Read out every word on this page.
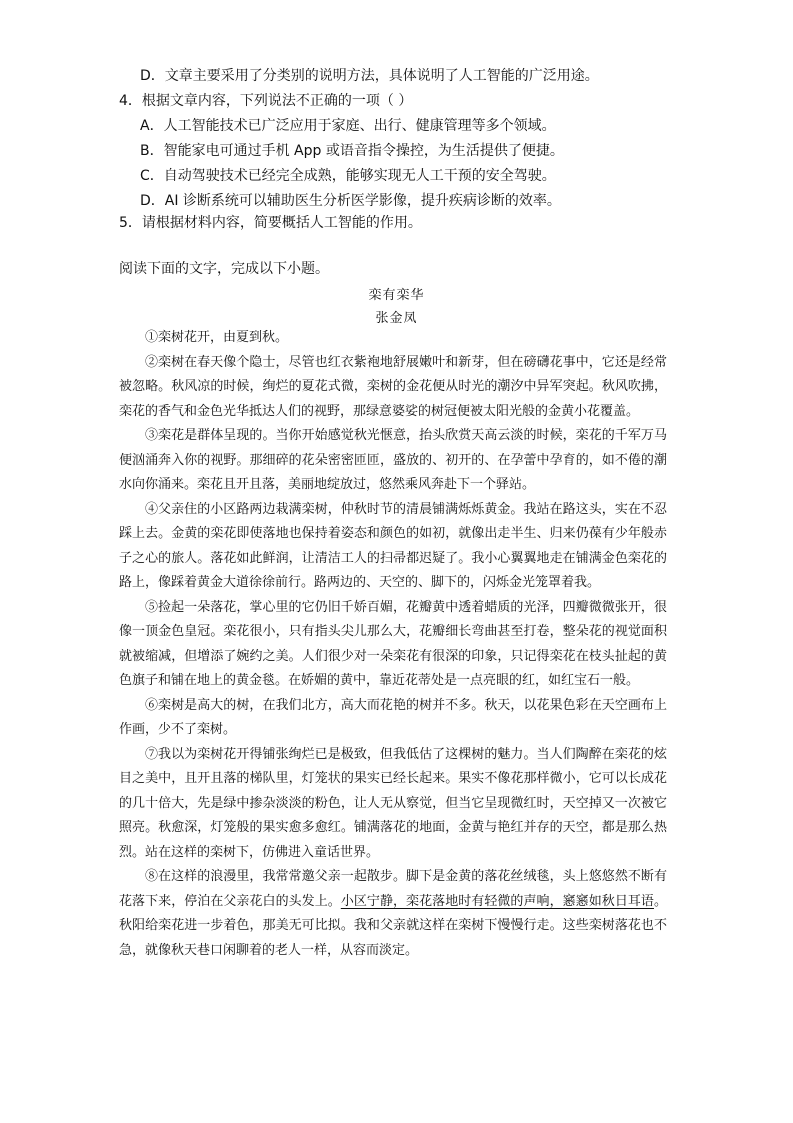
D．文章主要采用了分类别的说明方法，具体说明了人工智能的广泛用途。
4．根据文章内容，下列说法不正确的一项（ ）
A．人工智能技术已广泛应用于家庭、出行、健康管理等多个领域。
B．智能家电可通过手机 App 或语音指令操控，为生活提供了便捷。
C．自动驾驶技术已经完全成熟，能够实现无人工干预的安全驾驶。
D．AI 诊断系统可以辅助医生分析医学影像，提升疾病诊断的效率。
5．请根据材料内容，简要概括人工智能的作用。
阅读下面的文字，完成以下小题。
栾有栾华
张金凤

①栾树花开，由夏到秋。

②栾树在春天像个隐士，尽管也红衣紫袍地舒展嫩叶和新芽，但在磅礴花事中，它还是经常被忽略。秋风凉的时候，绚烂的夏花式微，栾树的金花便从时光的潮汐中异军突起。秋风吹拂，栾花的香气和金色光华抵达人们的视野，那绿意婆娑的树冠便被太阳光般的金黄小花覆盖。

③栾花是群体呈现的。当你开始感觉秋光惬意，抬头欣赏天高云淡的时候，栾花的千军万马便汹涌奔入你的视野。那细碎的花朵密密匝匝，盛放的、初开的、在孕蕾中孕育的，如不倦的潮水向你涌来。栾花且开且落，美丽地绽放过，悠然乘风奔赴下一个驿站。

④父亲住的小区路两边栽满栾树，仲秋时节的清晨铺满烁烁黄金。我站在路这头，实在不忍踩上去。金黄的栾花即使落地也保持着姿态和颜色的如初，就像出走半生、归来仍葆有少年般赤子之心的旅人。落花如此鲜润，让清洁工人的扫帚都迟疑了。我小心翼翼地走在铺满金色栾花的路上，像踩着黄金大道徐徐前行。路两边的、天空的、脚下的，闪烁金光笼罩着我。

⑤捡起一朵落花，掌心里的它仍旧千娇百媚，花瓣黄中透着蜡质的光泽，四瓣微微张开，很像一顶金色皇冠。栾花很小，只有指头尖儿那么大，花瓣细长弯曲甚至打卷，整朵花的视觉面积就被缩减，但增添了婉约之美。人们很少对一朵栾花有很深的印象，只记得栾花在枝头扯起的黄色旗子和铺在地上的黄金毯。在娇媚的黄中，靠近花蒂处是一点亮眼的红，如红宝石一般。

⑥栾树是高大的树，在我们北方，高大而花艳的树并不多。秋天，以花果色彩在天空画布上作画，少不了栾树。

⑦我以为栾树花开得铺张绚烂已是极致，但我低估了这棵树的魅力。当人们陶醉在栾花的炫目之美中，且开且落的梯队里，灯笼状的果实已经长起来。果实不像花那样微小，它可以长成花的几十倍大，先是绿中掺杂淡淡的粉色，让人无从察觉，但当它呈现微红时，天空掉又一次被它照亮。秋愈深，灯笼般的果实愈多愈红。铺满落花的地面，金黄与艳红并存的天空，都是那么热烈。站在这样的栾树下，仿佛进入童话世界。

⑧在这样的浪漫里，我常常邀父亲一起散步。脚下是金黄的落花丝绒毯，头上悠悠然不断有花落下来，停泊在父亲花白的头发上。小区宁静，栾花落地时有轻微的声响，窸窸如秋日耳语。秋阳给栾花进一步着色，那美无可比拟。我和父亲就这样在栾树下慢慢行走。这些栾树落花也不急，就像秋天巷口闲聊着的老人一样，从容而淡定。
